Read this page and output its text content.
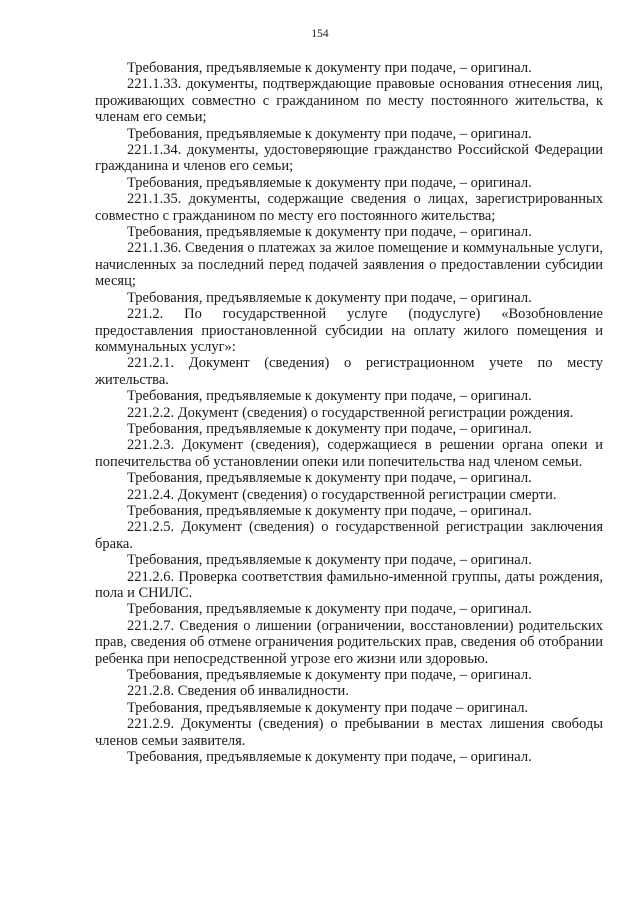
154

Требования, предъявляемые к документу при подаче, – оригинал.

221.1.33. документы, подтверждающие правовые основания отнесения лиц, проживающих совместно с гражданином по месту постоянного жительства, к членам его семьи;

Требования, предъявляемые к документу при подаче, – оригинал.

221.1.34. документы, удостоверяющие гражданство Российской Федерации гражданина и членов его семьи;

Требования, предъявляемые к документу при подаче, – оригинал.

221.1.35. документы, содержащие сведения о лицах, зарегистрированных совместно с гражданином по месту его постоянного жительства;

Требования, предъявляемые к документу при подаче, – оригинал.

221.1.36. Сведения о платежах за жилое помещение и коммунальные услуги, начисленных за последний перед подачей заявления о предоставлении субсидии месяц;

Требования, предъявляемые к документу при подаче, – оригинал.

221.2. По государственной услуге (подуслуге) «Возобновление предоставления приостановленной субсидии на оплату жилого помещения и коммунальных услуг»:

221.2.1. Документ (сведения) о регистрационном учете по месту жительства.

Требования, предъявляемые к документу при подаче, – оригинал.

221.2.2. Документ (сведения) о государственной регистрации рождения.

Требования, предъявляемые к документу при подаче, – оригинал.

221.2.3. Документ (сведения), содержащиеся в решении органа опеки и попечительства об установлении опеки или попечительства над членом семьи.

Требования, предъявляемые к документу при подаче, – оригинал.

221.2.4. Документ (сведения) о государственной регистрации смерти.

Требования, предъявляемые к документу при подаче, – оригинал.

221.2.5. Документ (сведения) о государственной регистрации заключения брака.

Требования, предъявляемые к документу при подаче, – оригинал.

221.2.6. Проверка соответствия фамильно-именной группы, даты рождения, пола и СНИЛС.

Требования, предъявляемые к документу при подаче, – оригинал.

221.2.7. Сведения о лишении (ограничении, восстановлении) родительских прав, сведения об отмене ограничения родительских прав, сведения об отобрании ребенка при непосредственной угрозе его жизни или здоровью.

Требования, предъявляемые к документу при подаче, – оригинал.

221.2.8. Сведения об инвалидности.

Требования, предъявляемые к документу при подаче – оригинал.

221.2.9. Документы (сведения) о пребывании в местах лишения свободы членов семьи заявителя.

Требования, предъявляемые к документу при подаче, – оригинал.
